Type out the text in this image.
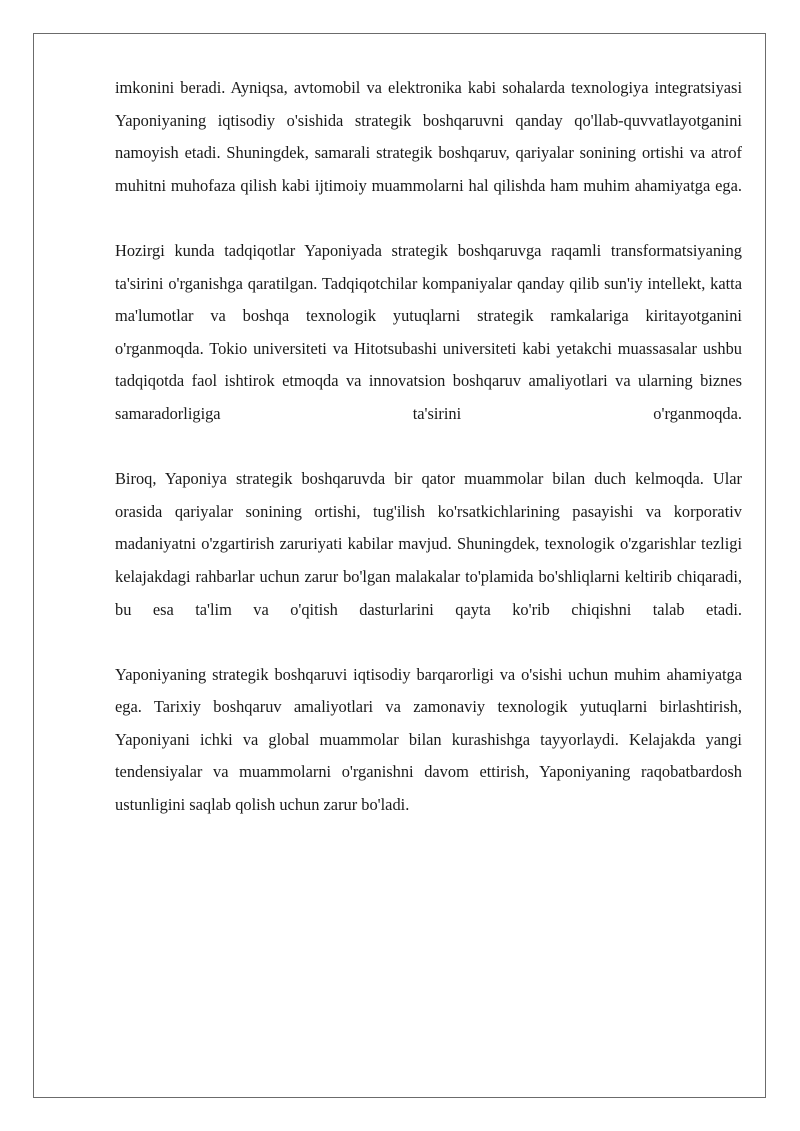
imkonini beradi. Ayniqsa, avtomobil va elektronika kabi sohalarda texnologiya integratsiyasi Yaponiyaning iqtisodiy o'sishida strategik boshqaruvni qanday qo'llab-quvvatlayotganini namoyish etadi. Shuningdek, samarali strategik boshqaruv, qariyalar sonining ortishi va atrof muhitni muhofaza qilish kabi ijtimoiy muammolarni hal qilishda ham muhim ahamiyatga ega.

Hozirgi kunda tadqiqotlar Yaponiyada strategik boshqaruvga raqamli transformatsiyaning ta'sirini o'rganishga qaratilgan. Tadqiqotchilar kompaniyalar qanday qilib sun'iy intellekt, katta ma'lumotlar va boshqa texnologik yutuqlarni strategik ramkalariga kiritayotganini o'rganmoqda. Tokio universiteti va Hitotsubashi universiteti kabi yetakchi muassasalar ushbu tadqiqotda faol ishtirok etmoqda va innovatsion boshqaruv amaliyotlari va ularning biznes samaradorligiga ta'sirini o'rganmoqda.

Biroq, Yaponiya strategik boshqaruvda bir qator muammolar bilan duch kelmoqda. Ular orasida qariyalar sonining ortishi, tug'ilish ko'rsatkichlarining pasayishi va korporativ madaniyatni o'zgartirish zaruriyati kabilar mavjud. Shuningdek, texnologik o'zgarishlar tezligi kelajakdagi rahbarlar uchun zarur bo'lgan malakalar to'plamida bo'shliqlarni keltirib chiqaradi, bu esa ta'lim va o'qitish dasturlarini qayta ko'rib chiqishni talab etadi.

Yaponiyaning strategik boshqaruvi iqtisodiy barqarorligi va o'sishi uchun muhim ahamiyatga ega. Tarixiy boshqaruv amaliyotlari va zamonaviy texnologik yutuqlarni birlashtirish, Yaponiyani ichki va global muammolar bilan kurashishga tayyorlaydi. Kelajakda yangi tendensiyalar va muammolarni o'rganishni davom ettirish, Yaponiyaning raqobatbardosh ustunligini saqlab qolish uchun zarur bo'ladi.
